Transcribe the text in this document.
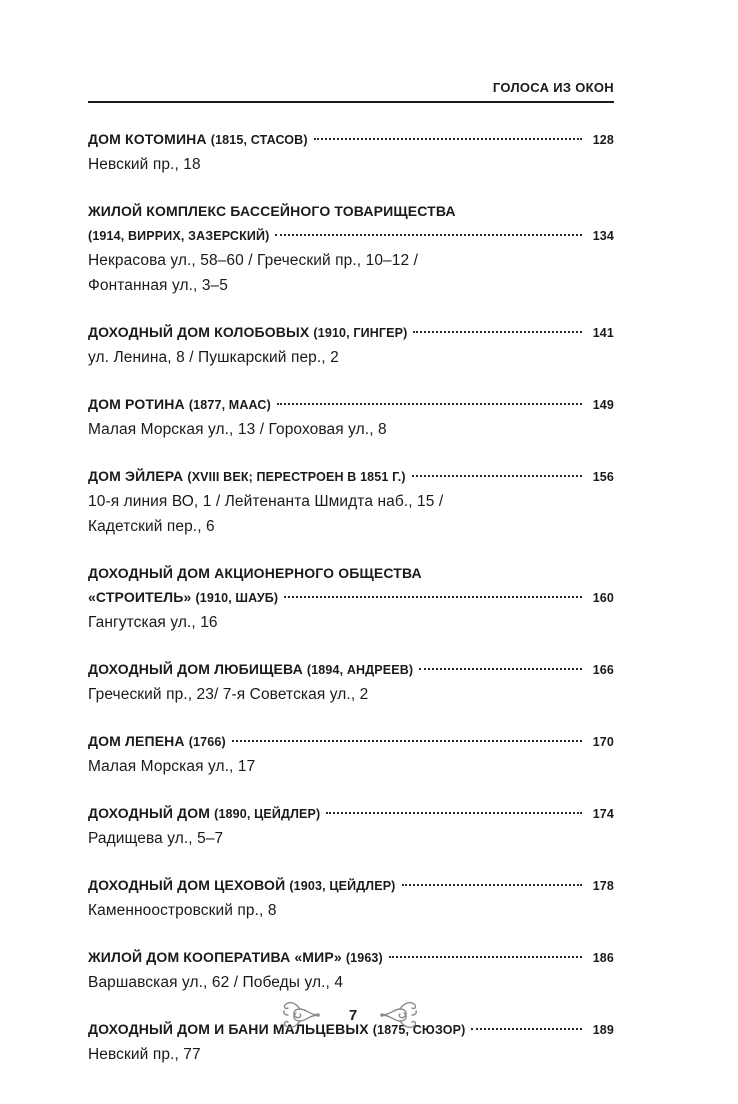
ГОЛОСА ИЗ ОКОН
ДОМ КОТОМИНА (1815, СТАСОВ)	128
Невский пр., 18
ЖИЛОЙ КОМПЛЕКС БАССЕЙНОГО ТОВАРИЩЕСТВА
(1914, ВИРРИХ, ЗАЗЕРСКИЙ)	134
Некрасова ул., 58–60 / Греческий пр., 10–12 /
Фонтанная ул., 3–5
ДОХОДНЫЙ ДОМ КОЛОБОВЫХ (1910, ГИНГЕР)	141
ул. Ленина, 8 / Пушкарский пер., 2
ДОМ РОТИНА (1877, МААС)	149
Малая Морская ул., 13 / Гороховая ул., 8
ДОМ ЭЙЛЕРА (XVIII ВЕК; ПЕРЕСТРОЕН В 1851 Г.)	156
10-я линия ВО, 1 / Лейтенанта Шмидта наб., 15 /
Кадетский пер., 6
ДОХОДНЫЙ ДОМ АКЦИОНЕРНОГО ОБЩЕСТВА
«СТРОИТЕЛЬ» (1910, ШАУБ)	160
Гангутская ул., 16
ДОХОДНЫЙ ДОМ ЛЮБИЩЕВА (1894, АНДРЕЕВ)	166
Греческий пр., 23/ 7-я Советская ул., 2
ДОМ ЛЕПЕНА (1766)	170
Малая Морская ул., 17
ДОХОДНЫЙ ДОМ (1890, ЦЕЙДЛЕР)	174
Радищева ул., 5–7
ДОХОДНЫЙ ДОМ ЦЕХОВОЙ (1903, ЦЕЙДЛЕР)	178
Каменноостровский пр., 8
ЖИЛОЙ ДОМ КООПЕРАТИВА «МИР» (1963)	186
Варшавская ул., 62 / Победы ул., 4
ДОХОДНЫЙ ДОМ И БАНИ МАЛЬЦЕВЫХ (1875, СЮЗОР)	189
Невский пр., 77
7
